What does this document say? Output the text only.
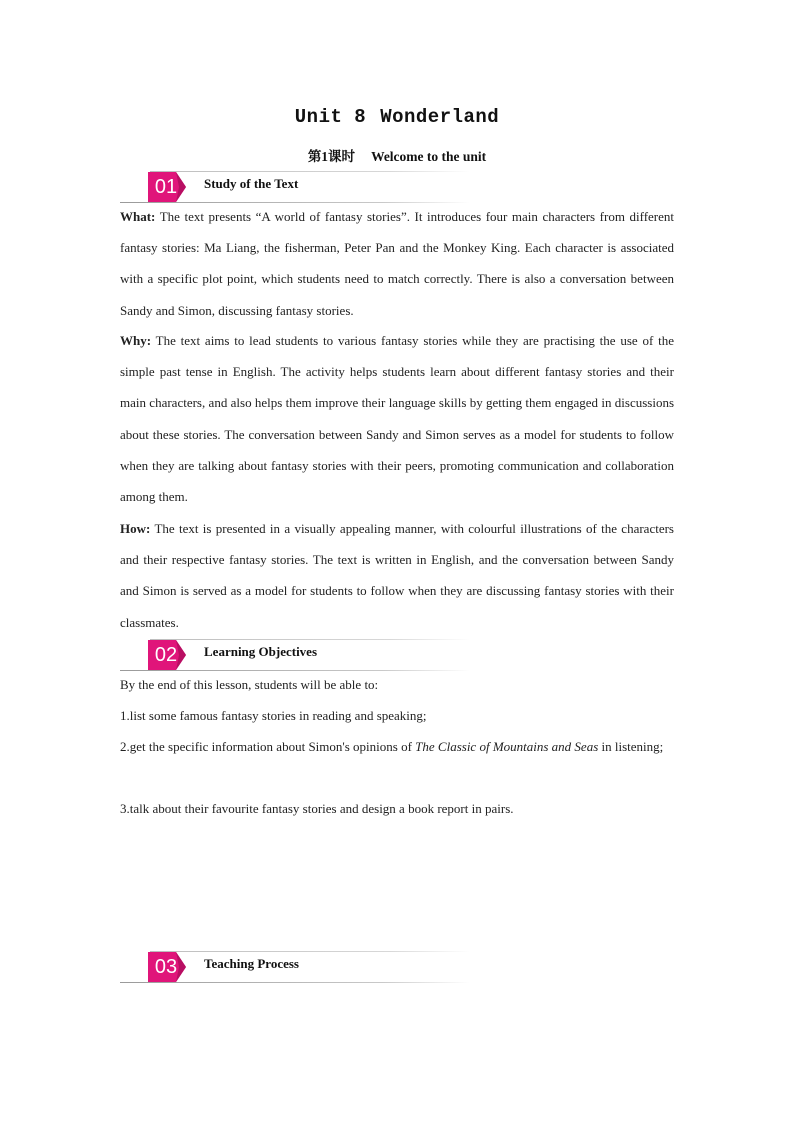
Unit 8 Wonderland
第1课时 Welcome to the unit
01 Study of the Text

What: The text presents “A world of fantasy stories”. It introduces four main characters from different fantasy stories: Ma Liang, the fisherman, Peter Pan and the Monkey King. Each character is associated with a specific plot point, which students need to match correctly. There is also a conversation between Sandy and Simon, discussing fantasy stories.

Why: The text aims to lead students to various fantasy stories while they are practising the use of the simple past tense in English. The activity helps students learn about different fantasy stories and their main characters, and also helps them improve their language skills by getting them engaged in discussions about these stories. The conversation between Sandy and Simon serves as a model for students to follow when they are talking about fantasy stories with their peers, promoting communication and collaboration among them.

How: The text is presented in a visually appealing manner, with colourful illustrations of the characters and their respective fantasy stories. The text is written in English, and the conversation between Sandy and Simon is served as a model for students to follow when they are discussing fantasy stories with their classmates.

02 Learning Objectives

By the end of this lesson, students will be able to:

1.list some famous fantasy stories in reading and speaking;

2.get the specific information about Simon's opinions of The Classic of Mountains and Seas in listening;

3.talk about their favourite fantasy stories and design a book report in pairs.

03 Teaching Process
